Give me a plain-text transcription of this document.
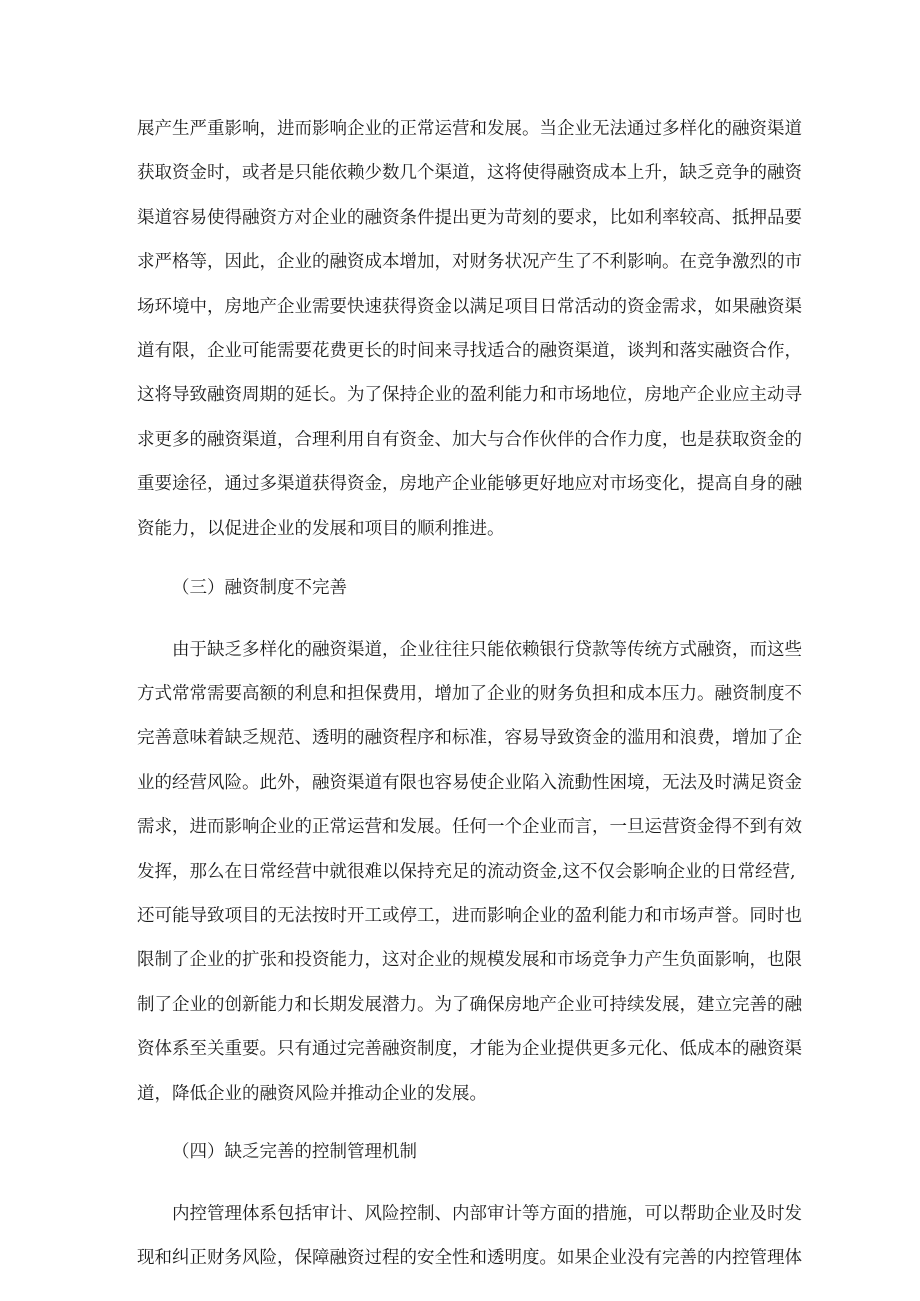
展产生严重影响，进而影响企业的正常运营和发展。当企业无法通过多样化的融资渠道
获取资金时，或者是只能依赖少数几个渠道，这将使得融资成本上升，缺乏竞争的融资
渠道容易使得融资方对企业的融资条件提出更为苛刻的要求，比如利率较高、抵押品要
求严格等，因此，企业的融资成本增加，对财务状况产生了不利影响。在竞争激烈的市
场环境中，房地产企业需要快速获得资金以满足项目日常活动的资金需求，如果融资渠
道有限，企业可能需要花费更长的时间来寻找适合的融资渠道，谈判和落实融资合作，
这将导致融资周期的延长。为了保持企业的盈利能力和市场地位，房地产企业应主动寻
求更多的融资渠道，合理利用自有资金、加大与合作伙伴的合作力度，也是获取资金的
重要途径，通过多渠道获得资金，房地产企业能够更好地应对市场变化，提高自身的融
资能力，以促进企业的发展和项目的顺利推进。
（三）融资制度不完善
由于缺乏多样化的融资渠道，企业往往只能依赖银行贷款等传统方式融资，而这些
方式常常需要高额的利息和担保费用，增加了企业的财务负担和成本压力。融资制度不
完善意味着缺乏规范、透明的融资程序和标准，容易导致资金的滥用和浪费，增加了企
业的经营风险。此外，融资渠道有限也容易使企业陷入流動性困境，无法及时满足资金
需求，进而影响企业的正常运营和发展。任何一个企业而言，一旦运营资金得不到有效
发挥，那么在日常经营中就很难以保持充足的流动资金,这不仅会影响企业的日常经营,
还可能导致项目的无法按时开工或停工，进而影响企业的盈利能力和市场声誉。同时也
限制了企业的扩张和投资能力，这对企业的规模发展和市场竞争力产生负面影响，也限
制了企业的创新能力和长期发展潜力。为了确保房地产企业可持续发展，建立完善的融
资体系至关重要。只有通过完善融资制度，才能为企业提供更多元化、低成本的融资渠
道，降低企业的融资风险并推动企业的发展。
（四）缺乏完善的控制管理机制
内控管理体系包括审计、风险控制、内部审计等方面的措施，可以帮助企业及时发
现和纠正财务风险，保障融资过程的安全性和透明度。如果企业没有完善的内控管理体
